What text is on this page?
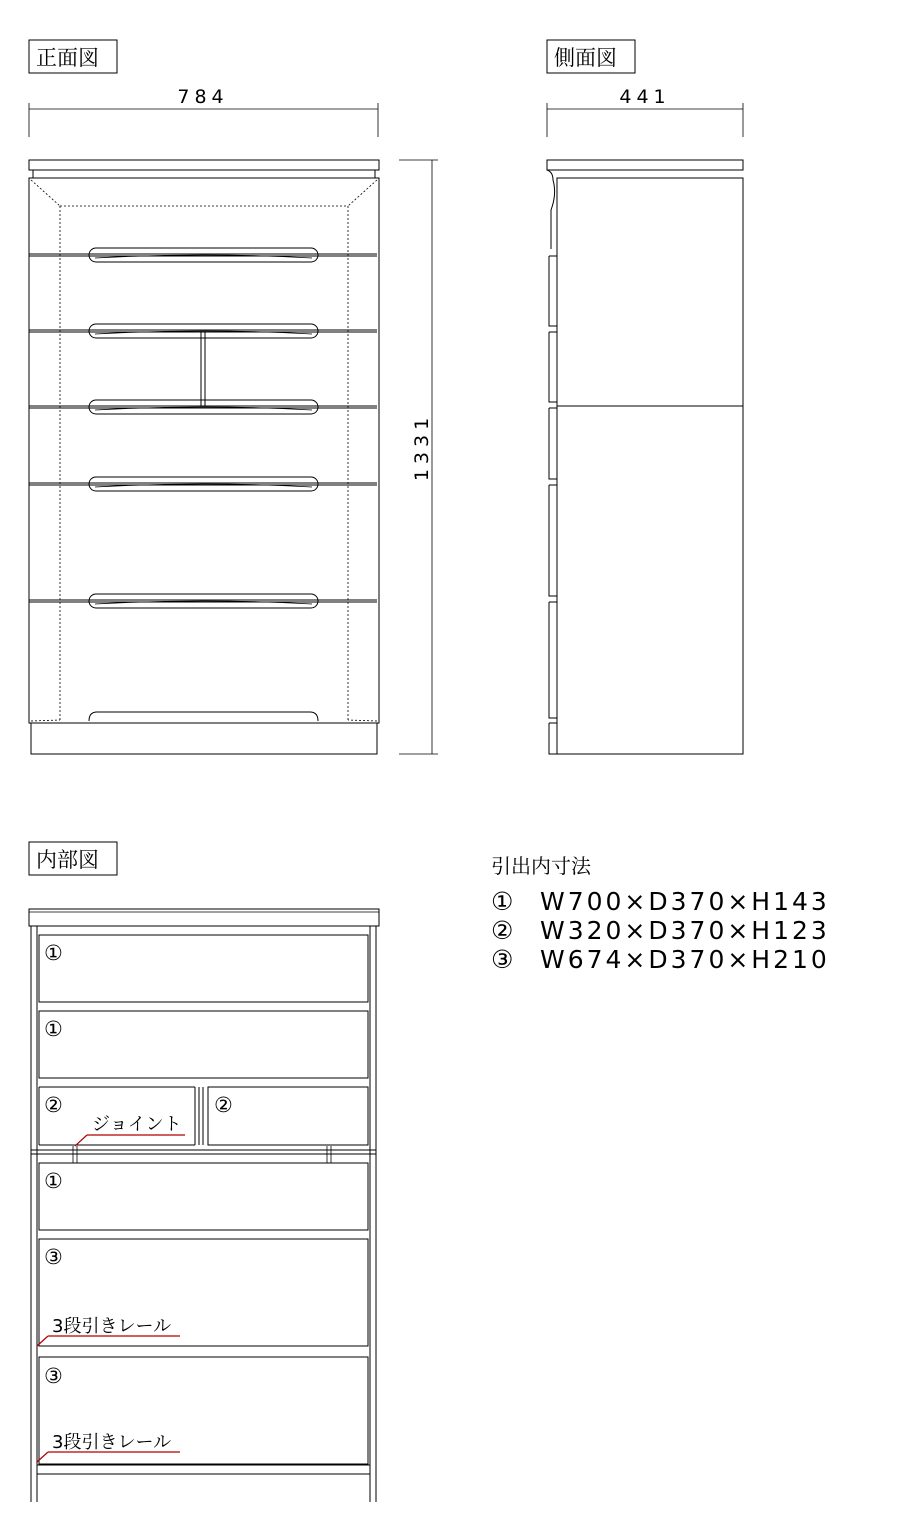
正面図
784
1331
側面図
441
内部図
①
①
②	②
①
③
③
ジョイント
3段引きレール
3段引きレール
引出内寸法
① W700×D370×H143
② W320×D370×H123
③ W674×D370×H210
